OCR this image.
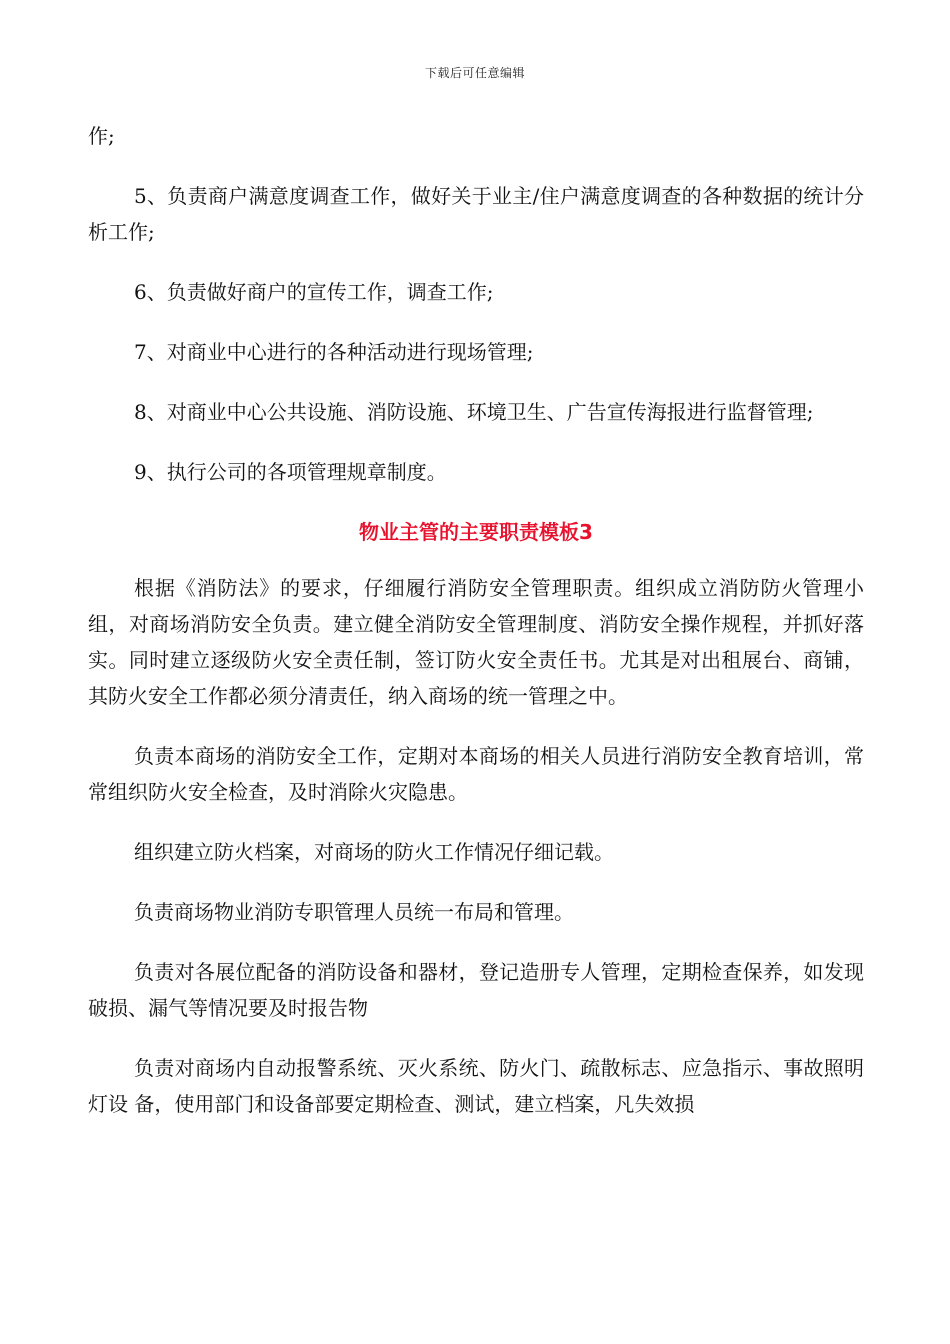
下载后可任意编辑

作;

5、负责商户满意度调查工作，做好关于业主/住户满意度调查的各种数据的统计分析工作;

6、负责做好商户的宣传工作，调查工作;

7、对商业中心进行的各种活动进行现场管理;

8、对商业中心公共设施、消防设施、环境卫生、广告宣传海报进行监督管理;

9、执行公司的各项管理规章制度。

物业主管的主要职责模板3

根据《消防法》的要求，仔细履行消防安全管理职责。组织成立消防防火管理小组，对商场消防安全负责。建立健全消防安全管理制度、消防安全操作规程，并抓好落实。同时建立逐级防火安全责任制，签订防火安全责任书。尤其是对出租展台、商铺，其防火安全工作都必须分清责任，纳入商场的统一管理之中。

负责本商场的消防安全工作，定期对本商场的相关人员进行消防安全教育培训，常常组织防火安全检查，及时消除火灾隐患。

组织建立防火档案，对商场的防火工作情况仔细记载。

负责商场物业消防专职管理人员统一布局和管理。

负责对各展位配备的消防设备和器材，登记造册专人管理，定期检查保养，如发现破损、漏气等情况要及时报告物

负责对商场内自动报警系统、灭火系统、防火门、疏散标志、应急指示、事故照明灯设 备，使用部门和设备部要定期检查、测试，建立档案，凡失效损
